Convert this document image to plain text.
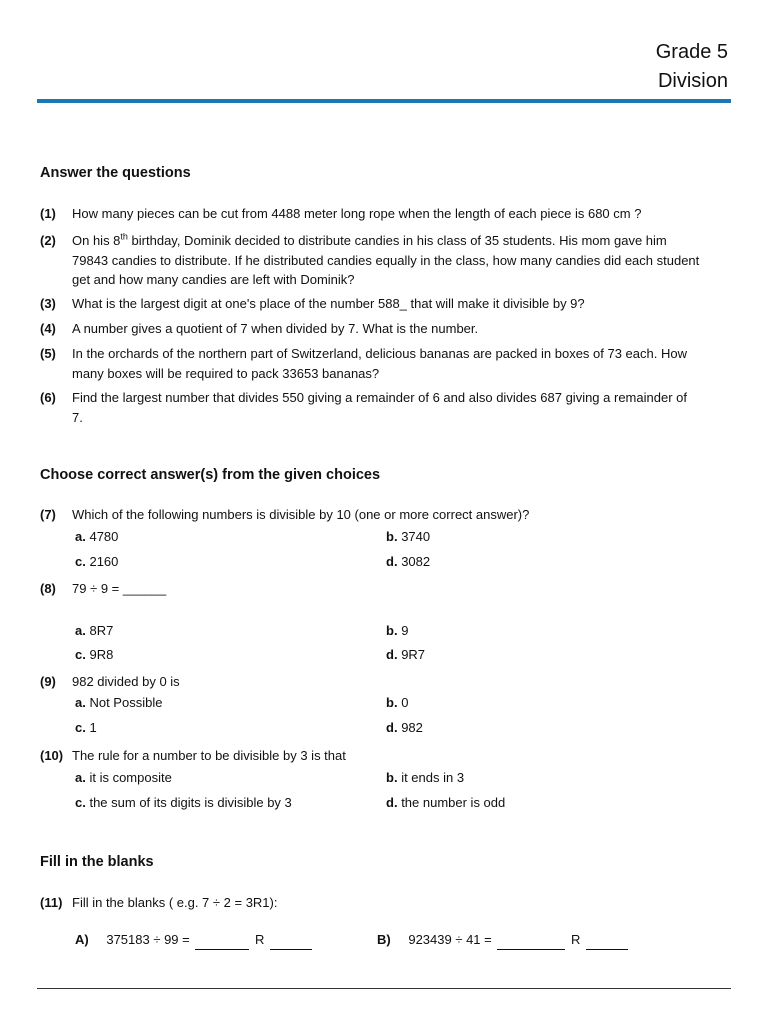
Grade 5
Division
Answer the questions
(1) How many pieces can be cut from 4488 meter long rope when the length of each piece is 680 cm ?
(2) On his 8th birthday, Dominik decided to distribute candies in his class of 35 students. His mom gave him 79843 candies to distribute. If he distributed candies equally in the class, how many candies did each student get and how many candies are left with Dominik?
(3) What is the largest digit at one's place of the number 588_ that will make it divisible by 9?
(4) A number gives a quotient of 7 when divided by 7. What is the number.
(5) In the orchards of the northern part of Switzerland, delicious bananas are packed in boxes of 73 each. How many boxes will be required to pack 33653 bananas?
(6) Find the largest number that divides 550 giving a remainder of 6 and also divides 687 giving a remainder of 7.
Choose correct answer(s) from the given choices
(7) Which of the following numbers is divisible by 10 (one or more correct answer)?
a. 4780	b. 3740
c. 2160	d. 3082
(8) 79 ÷ 9 = ______
a. 8R7	b. 9
c. 9R8	d. 9R7
(9) 982 divided by 0 is
a. Not Possible	b. 0
c. 1	d. 982
(10) The rule for a number to be divisible by 3 is that
a. it is composite	b. it ends in 3
c. the sum of its digits is divisible by 3	d. the number is odd
Fill in the blanks
(11) Fill in the blanks ( e.g. 7 ÷ 2 = 3R1):
A) 375183 ÷ 99 =	R	B) 923439 ÷ 41 =	R
